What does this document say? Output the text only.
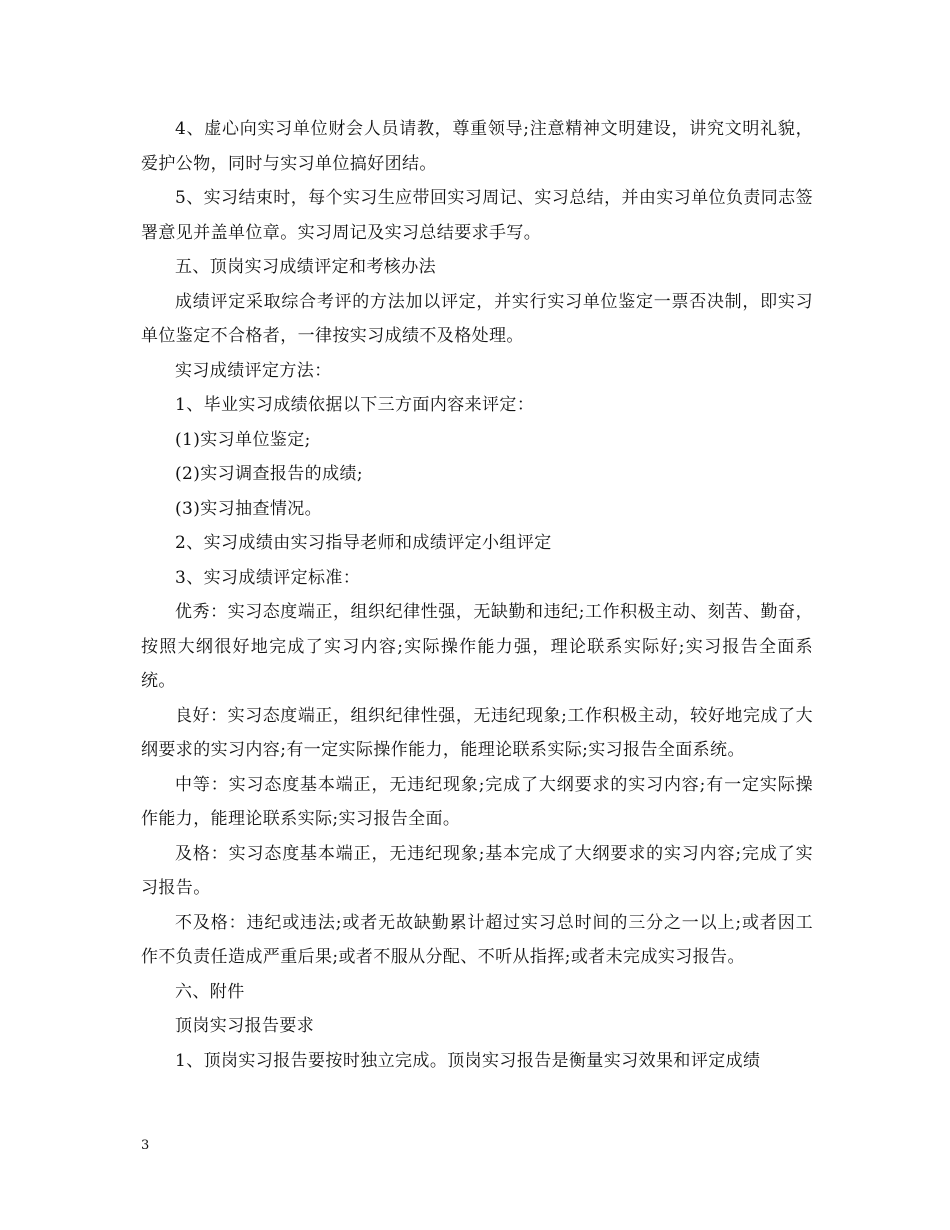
4、虚心向实习单位财会人员请教，尊重领导;注意精神文明建设，讲究文明礼貌，爱护公物，同时与实习单位搞好团结。

5、实习结束时，每个实习生应带回实习周记、实习总结，并由实习单位负责同志签署意见并盖单位章。实习周记及实习总结要求手写。

五、顶岗实习成绩评定和考核办法

成绩评定采取综合考评的方法加以评定，并实行实习单位鉴定一票否决制，即实习单位鉴定不合格者，一律按实习成绩不及格处理。

实习成绩评定方法：

1、毕业实习成绩依据以下三方面内容来评定：

(1)实习单位鉴定;

(2)实习调查报告的成绩;

(3)实习抽查情况。

2、实习成绩由实习指导老师和成绩评定小组评定

3、实习成绩评定标准：

优秀：实习态度端正，组织纪律性强，无缺勤和违纪;工作积极主动、刻苦、勤奋，按照大纲很好地完成了实习内容;实际操作能力强，理论联系实际好;实习报告全面系统。

良好：实习态度端正，组织纪律性强，无违纪现象;工作积极主动，较好地完成了大纲要求的实习内容;有一定实际操作能力，能理论联系实际;实习报告全面系统。

中等：实习态度基本端正，无违纪现象;完成了大纲要求的实习内容;有一定实际操作能力，能理论联系实际;实习报告全面。

及格：实习态度基本端正，无违纪现象;基本完成了大纲要求的实习内容;完成了实习报告。

不及格：违纪或违法;或者无故缺勤累计超过实习总时间的三分之一以上;或者因工作不负责任造成严重后果;或者不服从分配、不听从指挥;或者未完成实习报告。

六、附件

顶岗实习报告要求

1、顶岗实习报告要按时独立完成。顶岗实习报告是衡量实习效果和评定成绩

3
